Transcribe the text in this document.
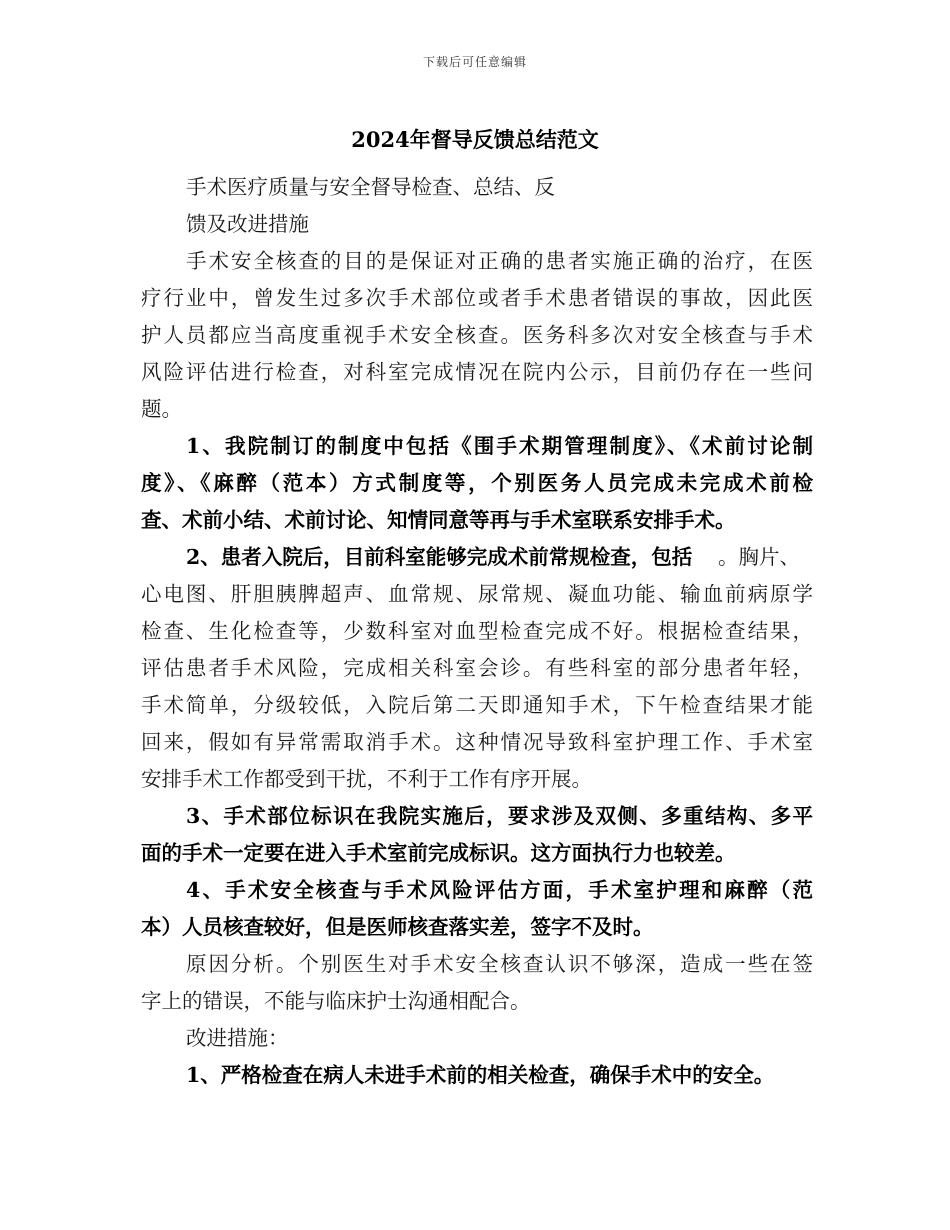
下载后可任意编辑
2024年督导反馈总结范文
手术医疗质量与安全督导检查、总结、反
馈及改进措施
手术安全核查的目的是保证对正确的患者实施正确的治疗，在医
疗行业中，曾发生过多次手术部位或者手术患者错误的事故，因此医
护人员都应当高度重视手术安全核查。医务科多次对安全核查与手术
风险评估进行检查，对科室完成情况在院内公示，目前仍存在一些问
题。
1、我院制订的制度中包括《围手术期管理制度》、《术前讨论制
度》、《麻醉（范本）方式制度等，个别医务人员完成未完成术前检
查、术前小结、术前讨论、知情同意等再与手术室联系安排手术。
2、患者入院后，目前科室能够完成术前常规检查，包括 。胸片、
心电图、肝胆胰脾超声、血常规、尿常规、凝血功能、输血前病原学
检查、生化检查等，少数科室对血型检查完成不好。根据检查结果，
评估患者手术风险，完成相关科室会诊。有些科室的部分患者年轻，
手术简单，分级较低，入院后第二天即通知手术，下午检查结果才能
回来，假如有异常需取消手术。这种情况导致科室护理工作、手术室
安排手术工作都受到干扰，不利于工作有序开展。
3、手术部位标识在我院实施后，要求涉及双侧、多重结构、多平
面的手术一定要在进入手术室前完成标识。这方面执行力也较差。
4、手术安全核查与手术风险评估方面，手术室护理和麻醉（范
本）人员核查较好，但是医师核查落实差，签字不及时。
原因分析。个别医生对手术安全核查认识不够深，造成一些在签
字上的错误，不能与临床护士沟通相配合。
改进措施：
1、严格检查在病人未进手术前的相关检查，确保手术中的安全。
